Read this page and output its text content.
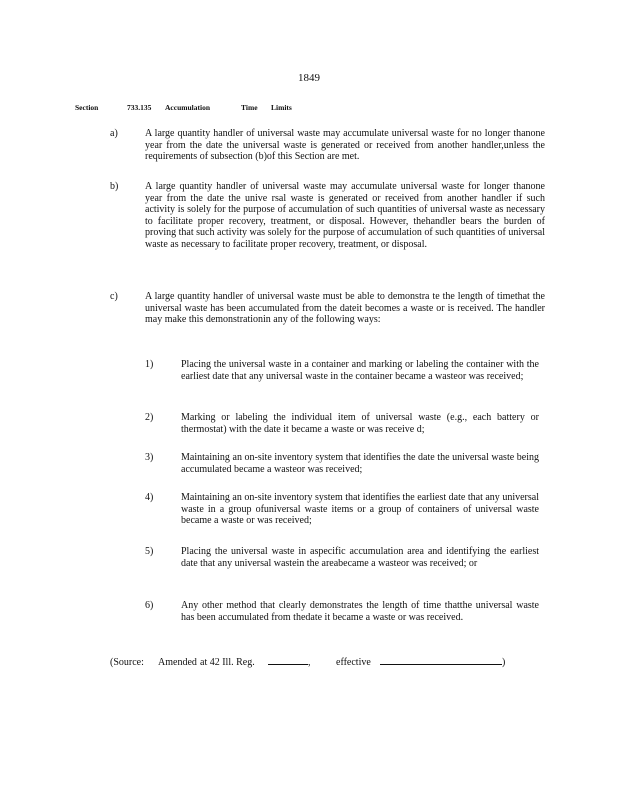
1849
Section	733.135 Accumulation	Time Limits
a)	A large quantity handler of universal waste may accumulate universal waste for no longer thanone year from the date the universal waste is generated or received from another handler,unless the requirements of subsection (b)of this Section are met.
b)	A large quantity handler of universal waste may accumulate universal waste for longer thanone year from the date the unive rsal waste is generated or received from another handler if such activity is solely for the purpose of accumulation of such quantities of universal waste as necessary to facilitate proper recovery, treatment, or disposal. However, thehandler bears the burden of proving that such activity was solely for the purpose of accumulation of such quantities of universal waste as necessary to facilitate proper recovery, treatment, or disposal.
c)	A large quantity handler of universal waste must be able to demonstra te the length of timethat the universal waste has been accumulated from the dateit becomes a waste or is received. The handler may make this demonstrationin any of the following ways:
1)	Placing the universal waste in a container and marking or labeling the container with the earliest date that any universal waste in the container became a wasteor was received;
2)	Marking or labeling the individual item of universal waste (e.g., each battery or thermostat) with the date it became a waste or was receive d;
3)	Maintaining an on-site inventory system that identifies the date the universal waste being accumulated became a wasteor was received;
4)	Maintaining an on-site inventory system that identifies the earliest date that any universal waste in a group ofuniversal waste items or a group of containers of universal waste became a waste or was received;
5)	Placing the universal waste in aspecific accumulation area and identifying the earliest date that any universal wastein the areabecame a wasteor was received; or
6)	Any other method that clearly demonstrates the length of time thatthe universal waste has been accumulated from thedate it became a waste or was received.
(Source: Amended at 42 Ill. Reg.	,	effective	)
